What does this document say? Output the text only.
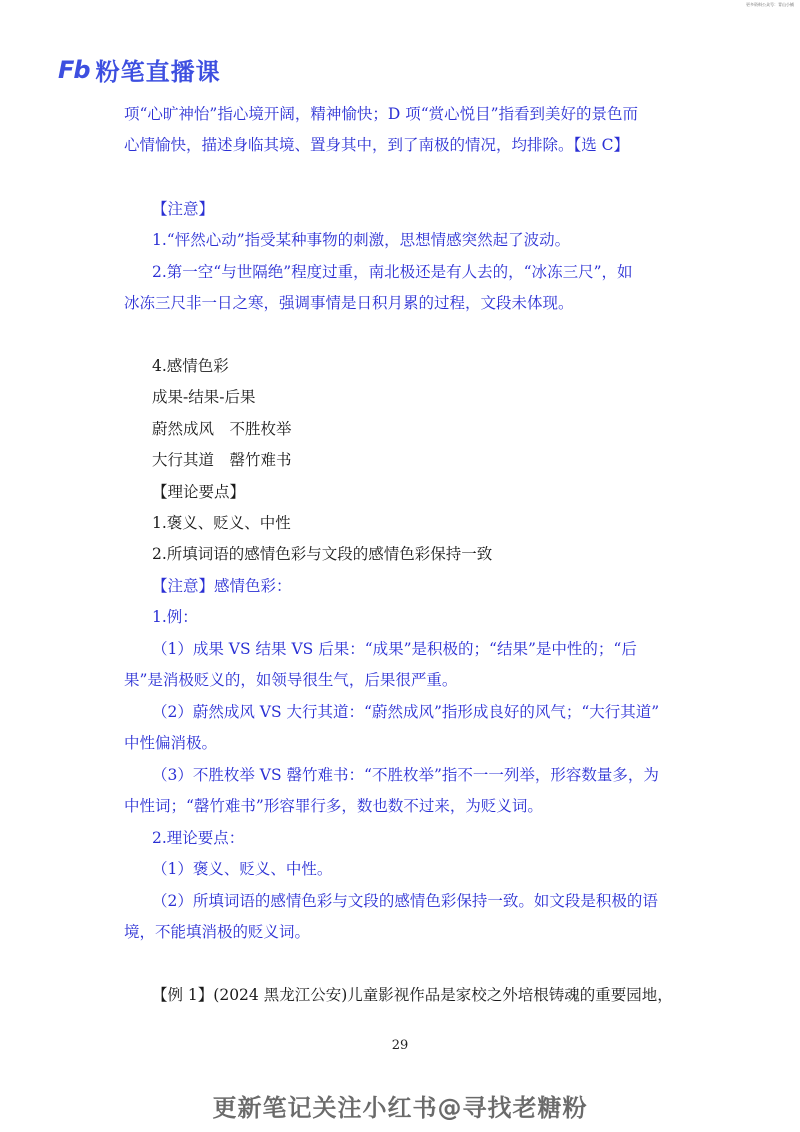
更多资料公众号：青山小铺
Fb 粉笔直播课
项“心旷神怡”指心境开阔，精神愉快；D 项“赏心悦目”指看到美好的景色而
心情愉快，描述身临其境、置身其中，到了南极的情况，均排除。【选 C】
【注意】
1.“怦然心动”指受某种事物的刺激，思想情感突然起了波动。
2.第一空“与世隔绝”程度过重，南北极还是有人去的，“冰冻三尺”，如
冰冻三尺非一日之寒，强调事情是日积月累的过程，文段未体现。
4.感情色彩
成果-结果-后果
蔚然成风　不胜枚举
大行其道　罄竹难书
【理论要点】
1.褒义、贬义、中性
2.所填词语的感情色彩与文段的感情色彩保持一致
【注意】感情色彩：
1.例：
（1）成果 VS 结果 VS 后果：“成果”是积极的；“结果”是中性的；“后
果”是消极贬义的，如领导很生气，后果很严重。
（2）蔚然成风 VS 大行其道：“蔚然成风”指形成良好的风气；“大行其道”
中性偏消极。
（3）不胜枚举 VS 罄竹难书：“不胜枚举”指不一一列举，形容数量多，为
中性词；“罄竹难书”形容罪行多，数也数不过来，为贬义词。
2.理论要点：
（1）褒义、贬义、中性。
（2）所填词语的感情色彩与文段的感情色彩保持一致。如文段是积极的语
境，不能填消极的贬义词。
【例 1】(2024 黑龙江公安)儿童影视作品是家校之外培根铸魂的重要园地，
29
更新笔记关注小红书@寻找老糖粉
